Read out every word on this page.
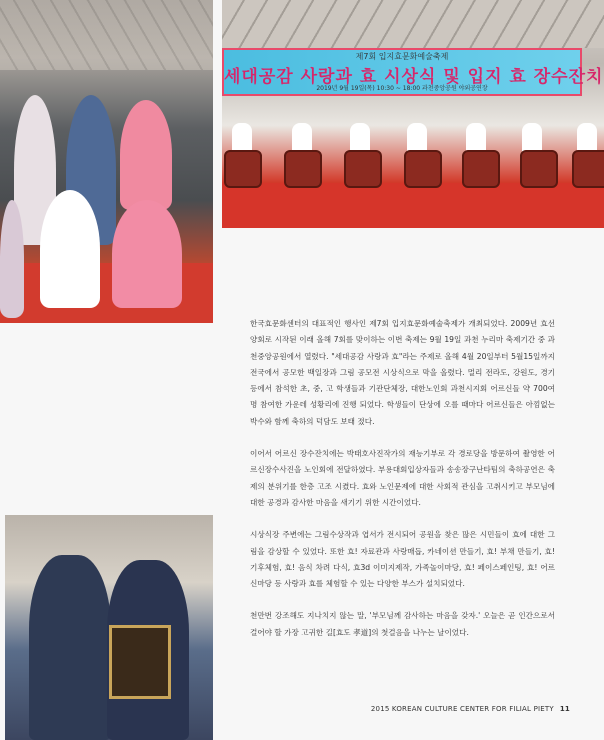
제7회 입지효문화예술축제
세대공감 사랑과 효 시상식 및 입지 효 장수잔치
2019년 9월 19일(목) 10:30 ~ 18:00 과천중앙공원 야외공연장

한국효문화센터의 대표적인 행사인 제7회 입지효문화예술축제가 개최되었다. 2009년 효선양회로 시작된 이래 올해 7회를 맞이하는 이번 축제는 9월 19일 과천 누리마 축제기간 중 과천중앙공원에서 열렸다. "세대공감 사랑과 효"라는 주제로 올해 4월 20일부터 5월15일까지 전국에서 공모한 백일장과 그림 공모전 시상식으로 막을 올렸다. 멀리 전라도, 강원도, 경기 등에서 참석한 초, 중, 고 학생들과 기관단체장, 대한노인회 과천시지회 어르신들 약 700여명 참여한 가운데 성황리에 진행 되었다. 학생들이 단상에 오를 때마다 어르신들은 아낌없는 박수와 함께 축하의 덕담도 보태 졌다.

이어서 어르신 장수잔치에는 박태호사진작가의 재능기부로 각 경로당을 방문하여 촬영한 어르신장수사진을 노인회에 전달하였다. 부용대회입상자들과 송송장구난타팀의 축하공연은 축제의 분위기를 한층 고조 시켰다. 효와 노인문제에 대한 사회적 관심을 고취시키고 부모님에 대한 공경과 감사한 마음을 새기기 위한 시간이었다.

시상식장 주변에는 그림수상작과 엽서가 전시되어 공원을 찾은 많은 시민들이 효에 대한 그림을 감상할 수 있었다. 또한 효! 자료관과 사랑매듭, 카네이션 만들기, 효! 부채 만들기, 효! 기후체험, 효! 음식 차려 다식, 효3d 이미지제작, 가족놀이마당, 효! 페이스페인팅, 효! 어르신마당 등 사랑과 효를 체험할 수 있는 다양한 부스가 설치되었다.

천만번 강조해도 지나치지 않는 말, '부모님께 감사하는 마음을 갖자.' 오늘은 곧 인간으로서 걸어야 할 가장 고귀한 길[효도 孝道]의 첫걸음을 나누는 날이었다.

2015 KOREAN CULTURE CENTER FOR FILIAL PIETY 11
